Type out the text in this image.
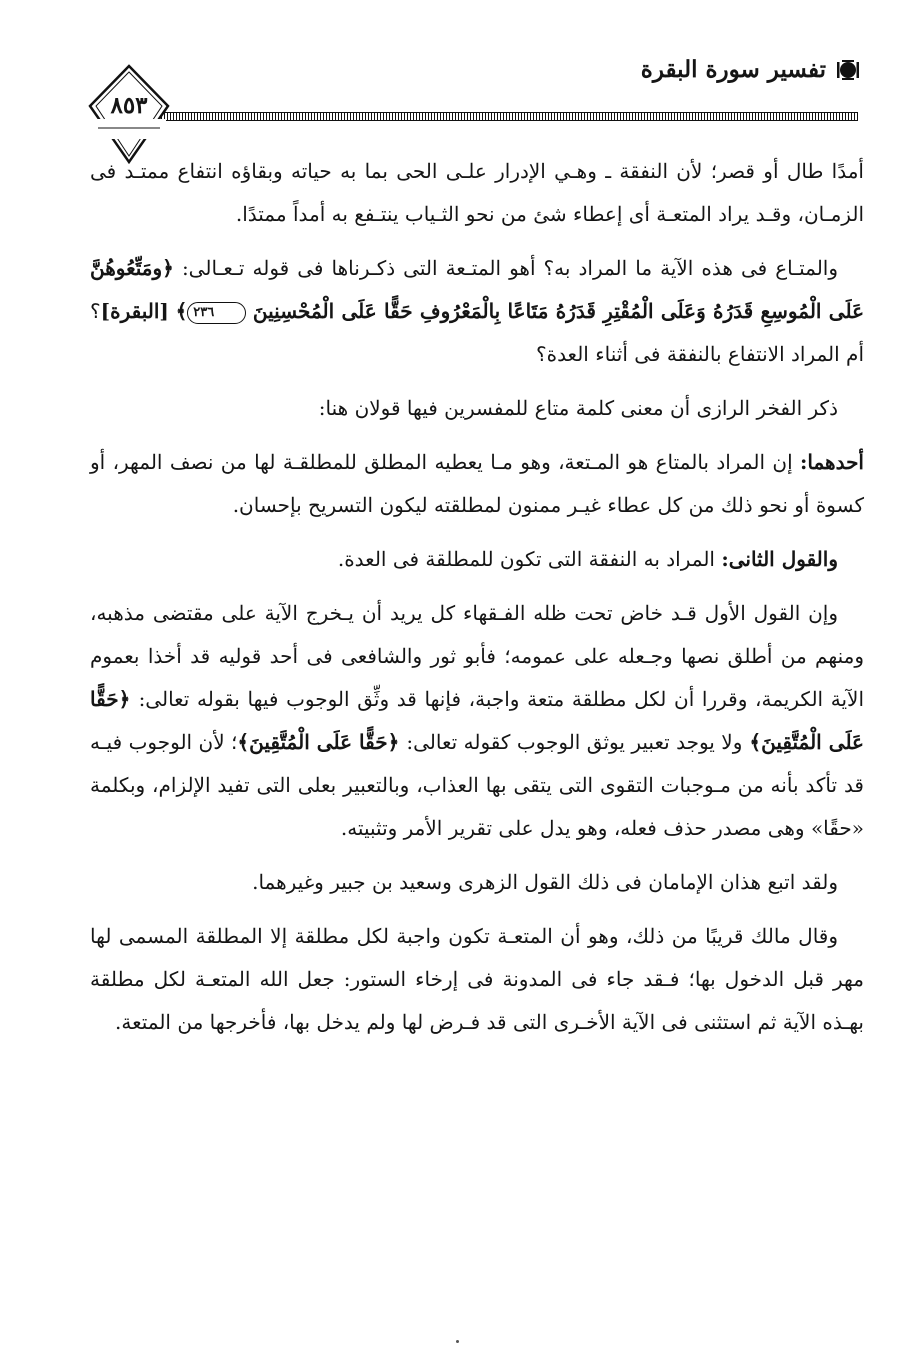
تفسير سورة البقرة
٨٥٣

أمدًا طال أو قصر؛ لأن النفقة ـ وهـي الإدرار علـى الحى بما به حياته وبقاؤه انتفاع ممتـد فى الزمـان، وقـد يراد المتعـة أى إعطاء شئ من نحو الثـياب ينتـفع به أمداً ممتدًا.

والمتـاع فى هذه الآية ما المراد به؟ أهو المتـعة التى ذكـرناها فى قوله تـعـالى: ﴿ومَتِّعُوهُنَّ عَلَى الْمُوسِعِ قَدَرُهُ وَعَلَى الْمُقْتِرِ قَدَرُهُ مَتَاعًا بِالْمَعْرُوفِ حَقًّا عَلَى الْمُحْسِنِينَ ٢٣٦﴾ [البقرة]؟ أم المراد الانتفاع بالنفقة فى أثناء العدة؟

ذكر الفخر الرازى أن معنى كلمة متاع للمفسرين فيها قولان هنا:

أحدهما: إن المراد بالمتاع هو المـتعة، وهو مـا يعطيه المطلق للمطلقـة لها من نصف المهر، أو كسوة أو نحو ذلك من كل عطاء غيـر ممنون لمطلقته ليكون التسريح بإحسان.

والقول الثانى: المراد به النفقة التى تكون للمطلقة فى العدة.

وإن القول الأول قـد خاض تحت ظله الفـقهاء كل يريد أن يـخرج الآية على مقتضى مذهبه، ومنهم من أطلق نصها وجـعله على عمومه؛ فأبو ثور والشافعى فى أحد قوليه قد أخذا بعموم الآية الكريمة، وقررا أن لكل مطلقة متعة واجبة، فإنها قد وثِّق الوجوب فيها بقوله تعالى: ﴿حَقًّا عَلَى الْمُتَّقِينَ﴾ ولا يوجد تعبير يوثق الوجوب كقوله تعالى: ﴿حَقًّا عَلَى الْمُتَّقِينَ﴾؛ لأن الوجوب فيـه قد تأكد بأنه من مـوجبات التقوى التى يتقى بها العذاب، وبالتعبير بعلى التى تفيد الإلزام، وبكلمة «حقًا» وهى مصدر حذف فعله، وهو يدل على تقرير الأمر وتثبيته.

ولقد اتبع هذان الإمامان فى ذلك القول الزهرى وسعيد بن جبير وغيرهما.

وقال مالك قريبًا من ذلك، وهو أن المتعـة تكون واجبة لكل مطلقة إلا المطلقة المسمى لها مهر قبل الدخول بها؛ فـقد جاء فى المدونة فى إرخاء الستور: جعل الله المتعـة لكل مطلقة بهـذه الآية ثم استثنى فى الآية الأخـرى التى قد فـرض لها ولم يدخل بها، فأخرجها من المتعة.
